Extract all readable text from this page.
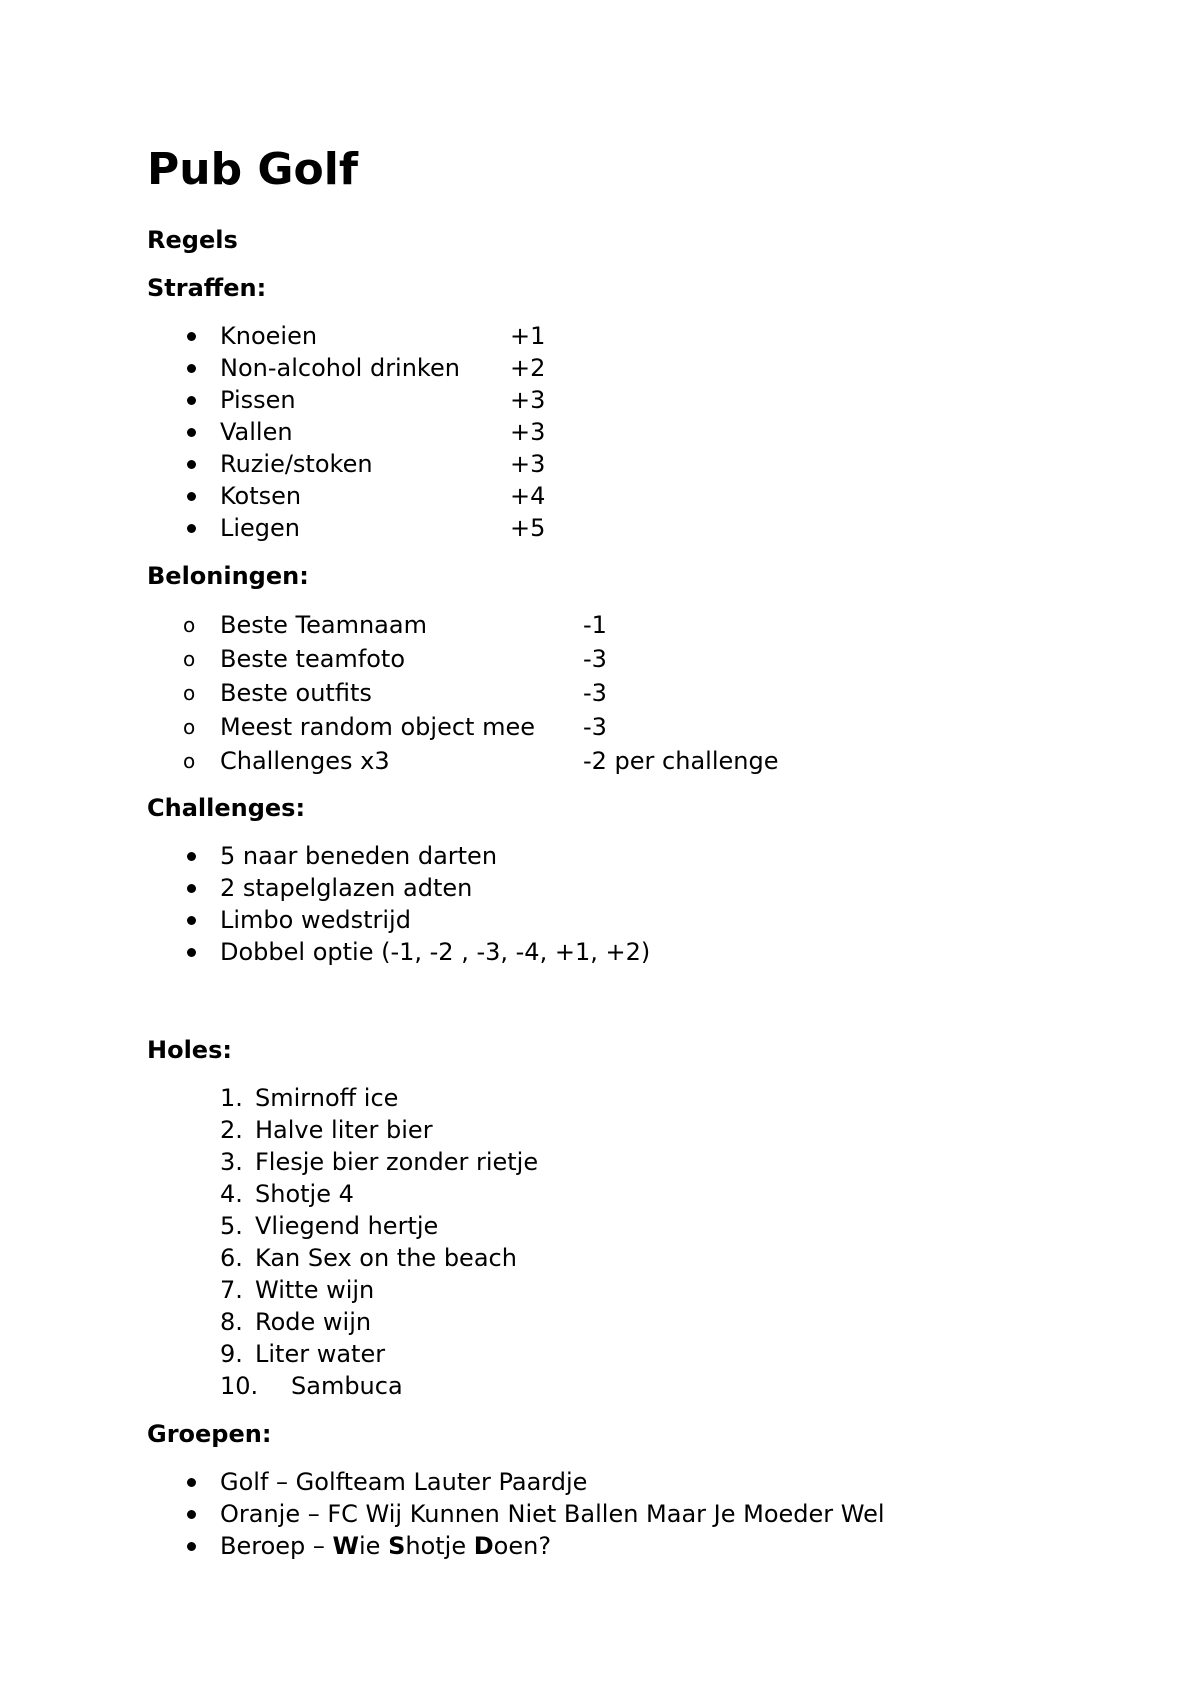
Pub Golf

Regels

Straffen:

Knoeien	+1
Non-alcohol drinken +2
Pissen	+3
Vallen	+3
Ruzie/stoken	+3
Kotsen	+4
Liegen	+5

Beloningen:

o Beste Teamnaam	-1
o Beste teamfoto	-3
o Beste outfits	-3
o Meest random object mee -3
o Challenges x3	-2 per challenge

Challenges:

5 naar beneden darten
2 stapelglazen adten
Limbo wedstrijd
Dobbel optie (-1, -2 , -3, -4, +1, +2)

Holes:

1. Smirnoff ice
2. Halve liter bier
3. Flesje bier zonder rietje
4. Shotje 4
5. Vliegend hertje
6. Kan Sex on the beach
7. Witte wijn
8. Rode wijn
9. Liter water
10. Sambuca

Groepen:

Golf – Golfteam Lauter Paardje
Oranje – FC Wij Kunnen Niet Ballen Maar Je Moeder Wel
Beroep – Wie Shotje Doen?
